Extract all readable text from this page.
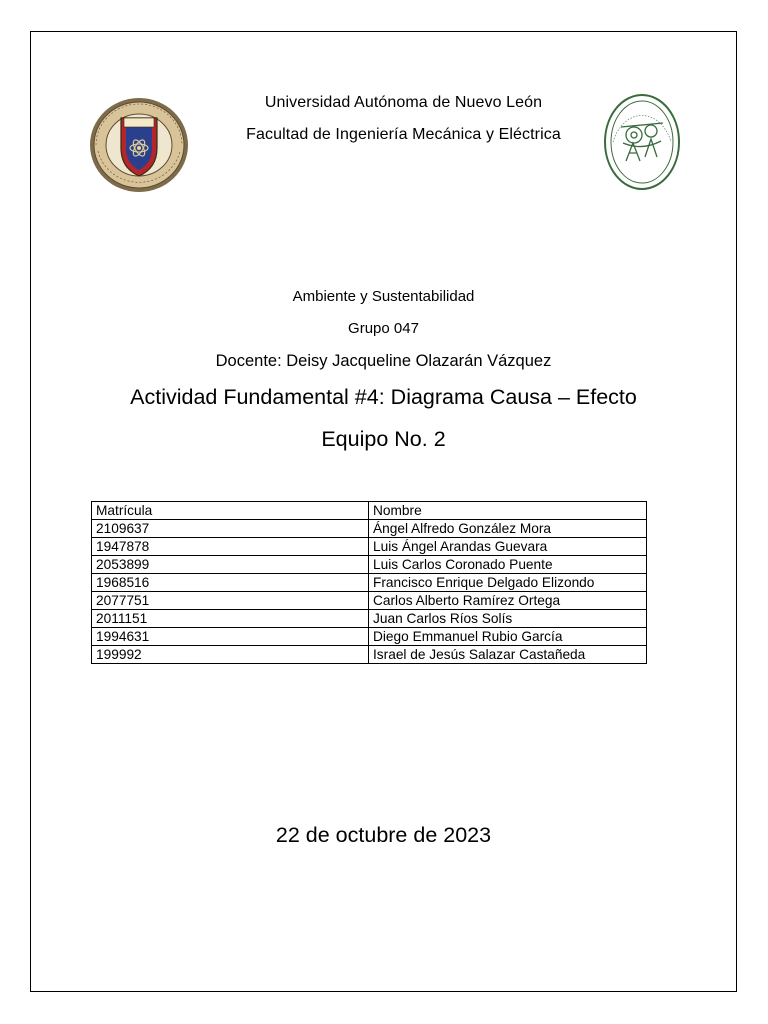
Universidad Autónoma de Nuevo León
Facultad de Ingeniería Mecánica y Eléctrica
Ambiente y Sustentabilidad
Grupo 047
Docente: Deisy Jacqueline Olazarán Vázquez
Actividad Fundamental #4: Diagrama Causa – Efecto
Equipo No. 2
Matrícula	Nombre
2109637	Ángel Alfredo González Mora
1947878	Luis Ángel Arandas Guevara
2053899	Luis Carlos Coronado Puente
1968516	Francisco Enrique Delgado Elizondo
2077751	Carlos Alberto Ramírez Ortega
2011151	Juan Carlos Ríos Solís
1994631	Diego Emmanuel Rubio García
199992	Israel de Jesús Salazar Castañeda
22 de octubre de 2023
